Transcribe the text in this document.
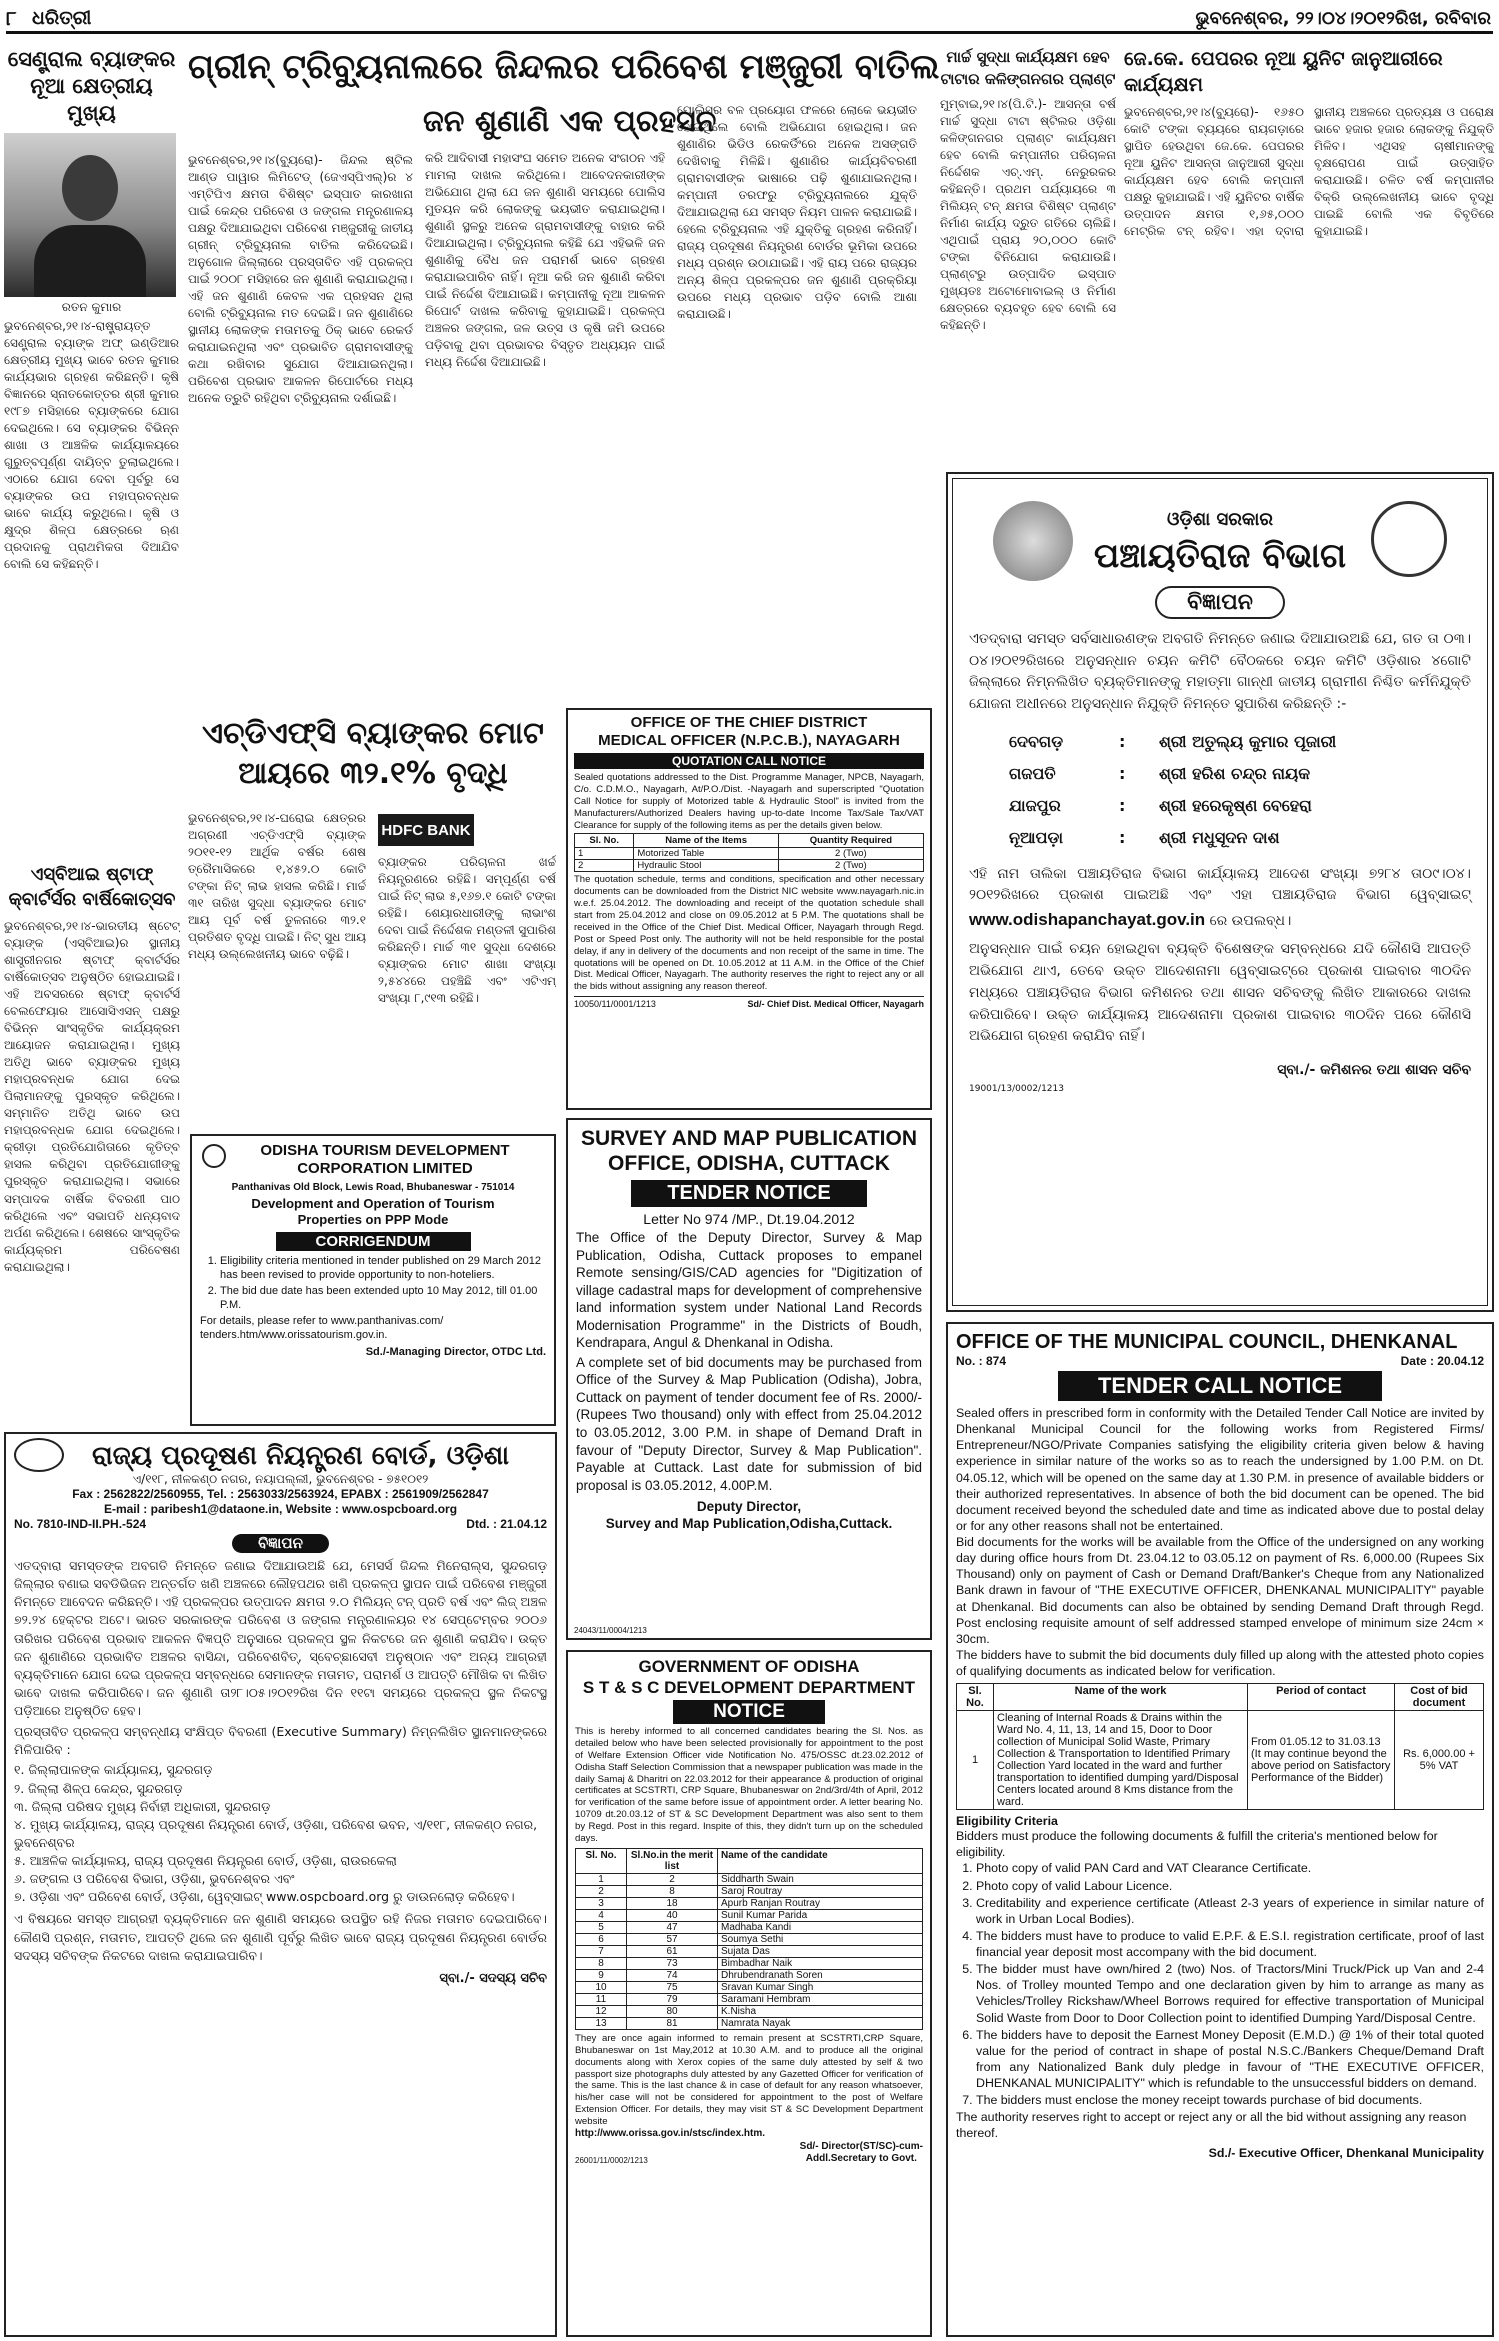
୮ ଧରିତ୍ରୀ	ଭୁବନେଶ୍ବର, ୨୨।୦୪।୨୦୧୨ରିଖ, ରବିବାର
ସେଣ୍ଟ୍ରାଲ ବ୍ୟାଙ୍କର
ନୂଆ କ୍ଷେତ୍ରୀୟ ମୁଖ୍ୟ
ରତନ କୁମାର
ଭୁବନେଶ୍ବର,୨୧।୪-ରାଷ୍ଟ୍ରାୟତ୍ତ ସେଣ୍ଟ୍ରାଲ ବ୍ୟାଙ୍କ ଅଫ୍ ଇଣ୍ଡିଆର କ୍ଷେତ୍ରୀୟ ମୁଖ୍ୟ ଭାବେ ରତନ କୁମାର କାର୍ଯ୍ୟଭାର ଗ୍ରହଣ କରିଛନ୍ତି। କୃଷି ବିଜ୍ଞାନରେ ସ୍ନାତକୋତ୍ତର ଶ୍ରୀ କୁମାର ୧୯୮୭ ମସିହାରେ ବ୍ୟାଙ୍କରେ ଯୋଗ ଦେଇଥିଲେ। ସେ ବ୍ୟାଙ୍କର ବିଭିନ୍ନ ଶାଖା ଓ ଆଞ୍ଚଳିକ କାର୍ଯ୍ୟାଳୟରେ ଗୁରୁତ୍ବପୂର୍ଣ୍ଣ ଦାୟିତ୍ବ ତୁଲାଇଥିଲେ। ଏଠାରେ ଯୋଗ ଦେବା ପୂର୍ବରୁ ସେ ବ୍ୟାଙ୍କର ଉପ ମହାପ୍ରବନ୍ଧକ ଭାବେ କାର୍ଯ୍ୟ କରୁଥିଲେ। କୃଷି ଓ କ୍ଷୁଦ୍ର ଶିଳ୍ପ କ୍ଷେତ୍ରରେ ଋଣ ପ୍ରଦାନକୁ ପ୍ରାଥମିକତା ଦିଆଯିବ ବୋଲି ସେ କହିଛନ୍ତି।
ଗ୍ରୀନ୍ ଟ୍ରିବ୍ୟୁନାଲରେ ଜିନ୍ଦଲର ପରିବେଶ ମଞ୍ଜୁରୀ ବାତିଲ
ଭୁବନେଶ୍ବର,୨୧।୪(ବ୍ୟୁରୋ)- ଜିନ୍ଦଲ ଷ୍ଟିଲ ଆଣ୍ଡ ପାୱାର ଲିମିଟେଡ୍ (ଜେଏସ୍‌ପିଏଲ୍)ର ୪ ଏମ୍‌ଟିପିଏ କ୍ଷମତା ବିଶିଷ୍ଟ ଇସ୍ପାତ କାରଖାନା ପାଇଁ କେନ୍ଦ୍ର ପରିବେଶ ଓ ଜଙ୍ଗଲ ମନ୍ତ୍ରଣାଳୟ ପକ୍ଷରୁ ଦିଆଯାଇଥିବା ପରିବେଶ ମଞ୍ଜୁରୀକୁ ଜାତୀୟ ଗ୍ରୀନ୍ ଟ୍ରିବ୍ୟୁନାଲ ବାତିଲ କରିଦେଇଛି। ଅନୁଗୋଳ ଜିଲ୍ଲାରେ ପ୍ରସ୍ତାବିତ ଏହି ପ୍ରକଳ୍ପ ପାଇଁ ୨୦୦୮ ମସିହାରେ ଜନ ଶୁଣାଣି କରାଯାଇଥିଲା। ଏହି ଜନ ଶୁଣାଣି କେବଳ ଏକ ପ୍ରହସନ ଥିଲା ବୋଲି ଟ୍ରିବ୍ୟୁନାଲ ମତ ଦେଇଛି। ଜନ ଶୁଣାଣିରେ ସ୍ଥାନୀୟ ଲୋକଙ୍କ ମତାମତକୁ ଠିକ୍ ଭାବେ ରେକର୍ଡ କରାଯାଇନଥିଲା ଏବଂ ପ୍ରଭାବିତ ଗ୍ରାମବାସୀଙ୍କୁ କଥା ରଖିବାର ସୁଯୋଗ ଦିଆଯାଇନଥିଲା। ପରିବେଶ ପ୍ରଭାବ ଆକଳନ ରିପୋର୍ଟରେ ମଧ୍ୟ ଅନେକ ତ୍ରୁଟି ରହିଥିବା ଟ୍ରିବ୍ୟୁନାଲ ଦର୍ଶାଇଛି।
ଜନ ଶୁଣାଣି ଏକ ପ୍ରହସନ
କରି ଆଦିବାସୀ ମହାସଂଘ ସମେତ ଅନେକ ସଂଗଠନ ଏହି ମାମଲା ଦାଖଲ କରିଥିଲେ। ଆବେଦନକାରୀଙ୍କ ଅଭିଯୋଗ ଥିଲା ଯେ ଜନ ଶୁଣାଣି ସମୟରେ ପୋଲିସ ମୁତୟନ କରି ଲୋକଙ୍କୁ ଭୟଭୀତ କରାଯାଇଥିଲା। ଶୁଣାଣି ସ୍ଥଳରୁ ଅନେକ ଗ୍ରାମବାସୀଙ୍କୁ ବାହାର କରି ଦିଆଯାଇଥିଲା। ଟ୍ରିବ୍ୟୁନାଲ କହିଛି ଯେ ଏହିଭଳି ଜନ ଶୁଣାଣିକୁ ବୈଧ ଜନ ପରାମର୍ଶ ଭାବେ ଗ୍ରହଣ କରାଯାଇପାରିବ ନାହିଁ। ନୂଆ କରି ଜନ ଶୁଣାଣି କରିବା ପାଇଁ ନିର୍ଦ୍ଦେଶ ଦିଆଯାଇଛି। କମ୍ପାନୀକୁ ନୂଆ ଆକଳନ ରିପୋର୍ଟ ଦାଖଲ କରିବାକୁ କୁହାଯାଇଛି। ପ୍ରକଳ୍ପ ଅଞ୍ଚଳର ଜଙ୍ଗଲ, ଜଳ ଉତ୍ସ ଓ କୃଷି ଜମି ଉପରେ ପଡ଼ିବାକୁ ଥିବା ପ୍ରଭାବର ବିସ୍ତୃତ ଅଧ୍ୟୟନ ପାଇଁ ମଧ୍ୟ ନିର୍ଦ୍ଦେଶ ଦିଆଯାଇଛି।
ପୋଲିସର ବଳ ପ୍ରୟୋଗ ଫଳରେ ଲୋକେ ଭୟଭୀତ ହୋଇଥିଲେ ବୋଲି ଅଭିଯୋଗ ହୋଇଥିଲା। ଜନ ଶୁଣାଣିର ଭିଡିଓ ରେକର୍ଡିଂରେ ଅନେକ ଅସଙ୍ଗତି ଦେଖିବାକୁ ମିଳିଛି। ଶୁଣାଣିର କାର୍ଯ୍ୟବିବରଣୀ ଗ୍ରାମବାସୀଙ୍କ ଭାଷାରେ ପଢ଼ି ଶୁଣାଯାଇନଥିଲା। କମ୍ପାନୀ ତରଫରୁ ଟ୍ରିବ୍ୟୁନାଲରେ ଯୁକ୍ତି ଦିଆଯାଇଥିଲା ଯେ ସମସ୍ତ ନିୟମ ପାଳନ କରାଯାଇଛି। ହେଲେ ଟ୍ରିବ୍ୟୁନାଲ ଏହି ଯୁକ୍ତିକୁ ଗ୍ରହଣ କରିନାହିଁ। ରାଜ୍ୟ ପ୍ରଦୂଷଣ ନିୟନ୍ତ୍ରଣ ବୋର୍ଡର ଭୂମିକା ଉପରେ ମଧ୍ୟ ପ୍ରଶ୍ନ ଉଠାଯାଇଛି। ଏହି ରାୟ ପରେ ରାଜ୍ୟର ଅନ୍ୟ ଶିଳ୍ପ ପ୍ରକଳ୍ପର ଜନ ଶୁଣାଣି ପ୍ରକ୍ରିୟା ଉପରେ ମଧ୍ୟ ପ୍ରଭାବ ପଡ଼ିବ ବୋଲି ଆଶା କରାଯାଉଛି।
ମାର୍ଚ୍ଚ ସୁଦ୍ଧା କାର୍ଯ୍ୟକ୍ଷମ ହେବ
ଟାଟାର କଳିଙ୍ଗନଗର ପ୍ଲାଣ୍ଟ
ମୁମ୍ବାଇ,୨୧।୪(ପି.ଟି.)- ଆସନ୍ତା ବର୍ଷ ମାର୍ଚ୍ଚ ସୁଦ୍ଧା ଟାଟା ଷ୍ଟିଲର ଓଡ଼ିଶା କଳିଙ୍ଗନଗର ପ୍ଲାଣ୍ଟ କାର୍ଯ୍ୟକ୍ଷମ ହେବ ବୋଲି କମ୍ପାନୀର ପରିଚାଳନା ନିର୍ଦ୍ଦେଶକ ଏଚ୍.ଏମ୍. ନେରୁରକର କହିଛନ୍ତି। ପ୍ରଥମ ପର୍ଯ୍ୟାୟରେ ୩ ମିଲିୟନ୍ ଟନ୍ କ୍ଷମତା ବିଶିଷ୍ଟ ପ୍ଲାଣ୍ଟ ନିର୍ମାଣ କାର୍ଯ୍ୟ ଦ୍ରୁତ ଗତିରେ ଚାଲିଛି। ଏଥିପାଇଁ ପ୍ରାୟ ୨୦,୦୦୦ କୋଟି ଟଙ୍କା ବିନିଯୋଗ କରାଯାଉଛି। ପ୍ଲାଣ୍ଟରୁ ଉତ୍ପାଦିତ ଇସ୍ପାତ ମୁଖ୍ୟତଃ ଅଟୋମୋବାଇଲ୍ ଓ ନିର୍ମାଣ କ୍ଷେତ୍ରରେ ବ୍ୟବହୃତ ହେବ ବୋଲି ସେ କହିଛନ୍ତି।
ଜେ.କେ. ପେପରର ନୂଆ ୟୁନିଟ ଜାନୁଆରୀରେ କାର୍ଯ୍ୟକ୍ଷମ
ଭୁବନେଶ୍ବର,୨୧।୪(ବ୍ୟୁରୋ)- ୧୬୫୦ କୋଟି ଟଙ୍କା ବ୍ୟୟରେ ରାୟଗଡ଼ାରେ ସ୍ଥାପିତ ହେଉଥିବା ଜେ.କେ. ପେପରର ନୂଆ ୟୁନିଟ ଆସନ୍ତା ଜାନୁଆରୀ ସୁଦ୍ଧା କାର୍ଯ୍ୟକ୍ଷମ ହେବ ବୋଲି କମ୍ପାନୀ ପକ୍ଷରୁ କୁହାଯାଇଛି। ଏହି ୟୁନିଟର ବାର୍ଷିକ ଉତ୍ପାଦନ କ୍ଷମତା ୧,୬୫,୦୦୦ ମେଟ୍ରିକ ଟନ୍ ରହିବ। ଏହା ଦ୍ବାରା ସ୍ଥାନୀୟ ଅଞ୍ଚଳରେ ପ୍ରତ୍ୟକ୍ଷ ଓ ପରୋକ୍ଷ ଭାବେ ହଜାର ହଜାର ଲୋକଙ୍କୁ ନିଯୁକ୍ତି ମିଳିବ। ଏଥିସହ ଚାଷୀମାନଙ୍କୁ ବୃକ୍ଷରୋପଣ ପାଇଁ ଉତ୍ସାହିତ କରାଯାଉଛି। ଚଳିତ ବର୍ଷ କମ୍ପାନୀର ବିକ୍ରି ଉଲ୍ଲେଖନୀୟ ଭାବେ ବୃଦ୍ଧି ପାଇଛି ବୋଲି ଏକ ବିବୃତିରେ କୁହାଯାଇଛି।
ଓଡ଼ିଶା ସରକାର
ପଞ୍ଚାୟତିରାଜ ବିଭାଗ
ବିଜ୍ଞାପନ
ଏତଦ୍ବାରା ସମସ୍ତ ସର୍ବସାଧାରଣଙ୍କ ଅବଗତି ନିମନ୍ତେ ଜଣାଇ ଦିଆଯାଉଅଛି ଯେ, ଗତ ତା ୦୩।୦୪।୨୦୧୨ରିଖରେ ଅନୁସନ୍ଧାନ ଚୟନ କମିଟି ବୈଠକରେ ଚୟନ କମିଟି ଓଡ଼ିଶାର ୪ଗୋଟି ଜିଲ୍ଲାରେ ନିମ୍ନଲିଖିତ ବ୍ୟକ୍ତିମାନଙ୍କୁ ମହାତ୍ମା ଗାନ୍ଧୀ ଜାତୀୟ ଗ୍ରାମୀଣ ନିଶ୍ଚିତ କର୍ମନିଯୁକ୍ତି ଯୋଜନା ଅଧୀନରେ ଅନୁସନ୍ଧାନ ନିଯୁକ୍ତି ନିମନ୍ତେ ସୁପାରିଶ କରିଛନ୍ତି :-
ଦେବଗଡ଼	: ଶ୍ରୀ ଅତୁଲ୍ୟ କୁମାର ପୂଜାରୀ
ଗଜପତି	: ଶ୍ରୀ ହରିଶ ଚନ୍ଦ୍ର ନାୟକ
ଯାଜପୁର	: ଶ୍ରୀ ହରେକୃଷ୍ଣ ବେହେରା
ନୂଆପଡ଼ା	: ଶ୍ରୀ ମଧୁସୂଦନ ଦାଶ
ଏହି ନାମ ତାଲିକା ପଞ୍ଚାୟତିରାଜ ବିଭାଗ କାର୍ଯ୍ୟାଳୟ ଆଦେଶ ସଂଖ୍ୟା ୭୨୮୪ ତା୦୯।୦୪।୨୦୧୨ରିଖରେ ପ୍ରକାଶ ପାଇଅଛି ଏବଂ ଏହା ପଞ୍ଚାୟତିରାଜ ବିଭାଗ ୱେବ୍‌ସାଇଟ୍ www.odishapanchayat.gov.in ରେ ଉପଲବ୍ଧ।
ଅନୁସନ୍ଧାନ ପାଇଁ ଚୟନ ହୋଇଥିବା ବ୍ୟକ୍ତି ବିଶେଷଙ୍କ ସମ୍ବନ୍ଧରେ ଯଦି କୌଣସି ଆପତ୍ତି ଅଭିଯୋଗ ଥାଏ, ତେବେ ଉକ୍ତ ଆଦେଶନାମା ୱେବ୍‌ସାଇଟ୍‌ରେ ପ୍ରକାଶ ପାଇବାର ୩୦ଦିନ ମଧ୍ୟରେ ପଞ୍ଚାୟତିରାଜ ବିଭାଗ କମିଶନର ତଥା ଶାସନ ସଚିବଙ୍କୁ ଲିଖିତ ଆକାରରେ ଦାଖଲ କରିପାରିବେ। ଉକ୍ତ କାର୍ଯ୍ୟାଳୟ ଆଦେଶନାମା ପ୍ରକାଶ ପାଇବାର ୩୦ଦିନ ପରେ କୌଣସି ଅଭିଯୋଗ ଗ୍ରହଣ କରାଯିବ ନାହିଁ।
ସ୍ବା./- କମିଶନର ତଥା ଶାସନ ସଚିବ
19001/13/0002/1213
ଏଚ୍‌ଡିଏଫ୍‌ସି ବ୍ୟାଙ୍କର ମୋଟ
ଆୟରେ ୩୨.୧% ବୃଦ୍ଧି
ଭୁବନେଶ୍ବର,୨୧।୪-ଘରୋଇ କ୍ଷେତ୍ରର ଅଗ୍ରଣୀ ଏଚ୍‌ଡିଏଫ୍‌ସି ବ୍ୟାଙ୍କ ୨୦୧୧-୧୨ ଆର୍ଥିକ ବର୍ଷର ଶେଷ ତ୍ରୈମାସିକରେ ୧,୪୫୨.୦ କୋଟି ଟଙ୍କା ନିଟ୍ ଲାଭ ହାସଲ କରିଛି। ମାର୍ଚ୍ଚ ୩୧ ତାରିଖ ସୁଦ୍ଧା ବ୍ୟାଙ୍କର ମୋଟ ଆୟ ପୂର୍ବ ବର୍ଷ ତୁଳନାରେ ୩୨.୧ ପ୍ରତିଶତ ବୃଦ୍ଧି ପାଇଛି। ନିଟ୍ ସୁଧ ଆୟ ମଧ୍ୟ ଉଲ୍ଲେଖନୀୟ ଭାବେ ବଢ଼ିଛି।
HDFC BANK
ବ୍ୟାଙ୍କର ପରିଚାଳନା ଖର୍ଚ୍ଚ ନିୟନ୍ତ୍ରଣରେ ରହିଛି। ସମ୍ପୂର୍ଣ୍ଣ ବର୍ଷ ପାଇଁ ନିଟ୍ ଲାଭ ୫,୧୬୭.୧ କୋଟି ଟଙ୍କା ରହିଛି। ଶେୟାରଧାରୀଙ୍କୁ ଲାଭାଂଶ ଦେବା ପାଇଁ ନିର୍ଦ୍ଦେଶକ ମଣ୍ଡଳୀ ସୁପାରିଶ କରିଛନ୍ତି। ମାର୍ଚ୍ଚ ୩୧ ସୁଦ୍ଧା ଦେଶରେ ବ୍ୟାଙ୍କର ମୋଟ ଶାଖା ସଂଖ୍ୟା ୨,୫୪୪ରେ ପହଞ୍ଚିଛି ଏବଂ ଏଟିଏମ୍ ସଂଖ୍ୟା ୮,୯୧୩ ରହିଛି।
ଏସ୍‌ବିଆଇ ଷ୍ଟାଫ୍
କ୍ବାର୍ଟର୍ସର ବାର୍ଷିକୋତ୍ସବ
ଭୁବନେଶ୍ବର,୨୧।୪-ଭାରତୀୟ ଷ୍ଟେଟ୍ ବ୍ୟାଙ୍କ (ଏସ୍‌ବିଆଇ)ର ସ୍ଥାନୀୟ ଶାସ୍ତ୍ରୀନଗର ଷ୍ଟାଫ୍ କ୍ବାର୍ଟର୍ସର ବାର୍ଷିକୋତ୍ସବ ଅନୁଷ୍ଠିତ ହୋଇଯାଇଛି। ଏହି ଅବସରରେ ଷ୍ଟାଫ୍ କ୍ବାର୍ଟର୍ସ ବେଲଫେୟାର ଆସୋସିଏସନ୍ ପକ୍ଷରୁ ବିଭିନ୍ନ ସାଂସ୍କୃତିକ କାର୍ଯ୍ୟକ୍ରମ ଆୟୋଜନ କରାଯାଇଥିଲା। ମୁଖ୍ୟ ଅତିଥି ଭାବେ ବ୍ୟାଙ୍କର ମୁଖ୍ୟ ମହାପ୍ରବନ୍ଧକ ଯୋଗ ଦେଇ ପିଲାମାନଙ୍କୁ ପୁରସ୍କୃତ କରିଥିଲେ। ସମ୍ମାନିତ ଅତିଥି ଭାବେ ଉପ ମହାପ୍ରବନ୍ଧକ ଯୋଗ ଦେଇଥିଲେ। କ୍ରୀଡ଼ା ପ୍ରତିଯୋଗିତାରେ କୃତିତ୍ବ ହାସଲ କରିଥିବା ପ୍ରତିଯୋଗୀଙ୍କୁ ପୁରସ୍କୃତ କରାଯାଇଥିଲା। ସଭାରେ ସମ୍ପାଦକ ବାର୍ଷିକ ବିବରଣୀ ପାଠ କରିଥିଲେ ଏବଂ ସଭାପତି ଧନ୍ୟବାଦ ଅର୍ପଣ କରିଥିଲେ। ଶେଷରେ ସାଂସ୍କୃତିକ କାର୍ଯ୍ୟକ୍ରମ ପରିବେଷଣ କରାଯାଇଥିଲା।
ODISHA TOURISM DEVELOPMENT
CORPORATION LIMITED
Panthanivas Old Block, Lewis Road, Bhubaneswar - 751014
Development and Operation of Tourism
Properties on PPP Mode
CORRIGENDUM
1. Eligibility criteria mentioned in tender published on 29 March 2012 has been revised to provide opportunity to non-hoteliers.
2. The bid due date has been extended upto 10 May 2012, till 01.00 P.M.
For details, please refer to www.panthanivas.com/ tenders.htm/www.orissatourism.gov.in.
Sd./-Managing Director, OTDC Ltd.
OFFICE OF THE CHIEF DISTRICT
MEDICAL OFFICER (N.P.C.B.), NAYAGARH
QUOTATION CALL NOTICE
Sealed quotations addressed to the Dist. Programme Manager, NPCB, Nayagarh, C/o. C.D.M.O., Nayagarh, At/P.O./Dist. -Nayagarh and superscripted "Quotation Call Notice for supply of Motorized table & Hydraulic Stool" is invited from the Manufacturers/Authorized Dealers having up-to-date Income Tax/Sale Tax/VAT Clearance for supply of the following items as per the details given below.
Sl. No.	Name of the Items	Quantity Required
1	Motorized Table	2 (Two)
2	Hydraulic Stool	2 (Two)
The quotation schedule, terms and conditions, specification and other necessary documents can be downloaded from the District NIC website www.nayagarh.nic.in w.e.f. 25.04.2012. The downloading and receipt of the quotation schedule shall start from 25.04.2012 and close on 09.05.2012 at 5 P.M. The quotations shall be received in the Office of the Chief Dist. Medical Officer, Nayagarh through Regd. Post or Speed Post only. The authority will not be held responsible for the postal delay, if any in delivery of the documents and non receipt of the same in time. The quotations will be opened on Dt. 10.05.2012 at 11 A.M. in the Office of the Chief Dist. Medical Officer, Nayagarh. The authority reserves the right to reject any or all the bids without assigning any reason thereof.
10050/11/0001/1213	Sd/- Chief Dist. Medical Officer, Nayagarh
SURVEY AND MAP PUBLICATION
OFFICE, ODISHA, CUTTACK
TENDER NOTICE
Letter No 974 /MP., Dt.19.04.2012
The Office of the Deputy Director, Survey & Map Publication, Odisha, Cuttack proposes to empanel Remote sensing/GIS/CAD agencies for "Digitization of village cadastral maps for development of comprehensive land information system under National Land Records Modernisation Programme" in the Districts of Boudh, Kendrapara, Angul & Dhenkanal in Odisha.
A complete set of bid documents may be purchased from Office of the Survey & Map Publication (Odisha), Jobra, Cuttack on payment of tender document fee of Rs. 2000/- (Rupees Two thousand) only with effect from 25.04.2012 to 03.05.2012, 3.00 P.M. in shape of Demand Draft in favour of "Deputy Director, Survey & Map Publication". Payable at Cuttack. Last date for submission of bid proposal is 03.05.2012, 4.00P.M.
Deputy Director,
Survey and Map Publication,Odisha,Cuttack.
24043/11/0004/1213
ରାଜ୍ୟ ପ୍ରଦୂଷଣ ନିୟନ୍ତ୍ରଣ ବୋର୍ଡ, ଓଡ଼ିଶା
ଏ/୧୧୮, ନୀଳକଣ୍ଠ ନଗର, ନୟାପଲ୍ଲୀ, ଭୁବନେଶ୍ବର - ୭୫୧୦୧୨
Fax : 2562822/2560955, Tel. : 2563033/2563924, EPABX : 2561909/2562847
E-mail : paribesh1@dataone.in, Website : www.ospcboard.org
No. 7810-IND-II.PH.-524	Dtd. : 21.04.12
ବିଜ୍ଞାପନ
ଏତଦ୍ବାରା ସମସ୍ତଙ୍କ ଅବଗତି ନିମନ୍ତେ ଜଣାଇ ଦିଆଯାଉଅଛି ଯେ, ମେସର୍ସ ଜିନ୍ଦଲ ମିନେରାଲ୍ସ, ସୁନ୍ଦରଗଡ଼ ଜିଲ୍ଲାର ବଣାଇ ସବଡିଭିଜନ ଅନ୍ତର୍ଗତ ଖଣି ଅଞ୍ଚଳରେ ଲୌହପଥର ଖଣି ପ୍ରକଳ୍ପ ସ୍ଥାପନ ପାଇଁ ପରିବେଶ ମଞ୍ଜୁରୀ ନିମନ୍ତେ ଆବେଦନ କରିଛନ୍ତି। ଏହି ପ୍ରକଳ୍ପର ଉତ୍ପାଦନ କ୍ଷମତା ୨.୦ ମିଲିୟନ୍ ଟନ୍ ପ୍ରତି ବର୍ଷ ଏବଂ ଲିଜ୍ ଅଞ୍ଚଳ ୭୨.୨୪ ହେକ୍ଟର ଅଟେ। ଭାରତ ସରକାରଙ୍କ ପରିବେଶ ଓ ଜଙ୍ଗଲ ମନ୍ତ୍ରଣାଳୟର ୧୪ ସେପ୍ଟେମ୍ବର ୨୦୦୬ ତାରିଖର ପରିବେଶ ପ୍ରଭାବ ଆକଳନ ବିଜ୍ଞପ୍ତି ଅନୁସାରେ ପ୍ରକଳ୍ପ ସ୍ଥଳ ନିକଟରେ ଜନ ଶୁଣାଣି କରାଯିବ। ଉକ୍ତ ଜନ ଶୁଣାଣିରେ ପ୍ରଭାବିତ ଅଞ୍ଚଳର ବାସିନ୍ଦା, ପରିବେଶବିତ୍, ସ୍ବେଚ୍ଛାସେବୀ ଅନୁଷ୍ଠାନ ଏବଂ ଅନ୍ୟ ଆଗ୍ରହୀ ବ୍ୟକ୍ତିମାନେ ଯୋଗ ଦେଇ ପ୍ରକଳ୍ପ ସମ୍ବନ୍ଧରେ ସେମାନଙ୍କ ମତାମତ, ପରାମର୍ଶ ଓ ଆପତ୍ତି ମୌଖିକ ବା ଲିଖିତ ଭାବେ ଦାଖଲ କରିପାରିବେ। ଜନ ଶୁଣାଣି ତା୨୮।୦୫।୨୦୧୨ରିଖ ଦିନ ୧୧ଟା ସମୟରେ ପ୍ରକଳ୍ପ ସ୍ଥଳ ନିକଟସ୍ଥ ପଡ଼ିଆରେ ଅନୁଷ୍ଠିତ ହେବ।
ପ୍ରସ୍ତାବିତ ପ୍ରକଳ୍ପ ସମ୍ବନ୍ଧୀୟ ସଂକ୍ଷିପ୍ତ ବିବରଣୀ (Executive Summary) ନିମ୍ନଲିଖିତ ସ୍ଥାନମାନଙ୍କରେ ମିଳିପାରିବ :
୧. ଜିଲ୍ଲାପାଳଙ୍କ କାର୍ଯ୍ୟାଳୟ, ସୁନ୍ଦରଗଡ଼
୨. ଜିଲ୍ଲା ଶିଳ୍ପ କେନ୍ଦ୍ର, ସୁନ୍ଦରଗଡ଼
୩. ଜିଲ୍ଲା ପରିଷଦ ମୁଖ୍ୟ ନିର୍ବାହୀ ଅଧିକାରୀ, ସୁନ୍ଦରଗଡ଼
୪. ମୁଖ୍ୟ କାର୍ଯ୍ୟାଳୟ, ରାଜ୍ୟ ପ୍ରଦୂଷଣ ନିୟନ୍ତ୍ରଣ ବୋର୍ଡ, ଓଡ଼ିଶା, ପରିବେଶ ଭବନ, ଏ/୧୧୮, ନୀଳକଣ୍ଠ ନଗର, ଭୁବନେଶ୍ବର
୫. ଆଞ୍ଚଳିକ କାର୍ଯ୍ୟାଳୟ, ରାଜ୍ୟ ପ୍ରଦୂଷଣ ନିୟନ୍ତ୍ରଣ ବୋର୍ଡ, ଓଡ଼ିଶା, ରାଉରକେଲା
୬. ଜଙ୍ଗଲ ଓ ପରିବେଶ ବିଭାଗ, ଓଡ଼ିଶା, ଭୁବନେଶ୍ବର ଏବଂ
୭. ଓଡ଼ିଶା ଏବଂ ପରିବେଶ ବୋର୍ଡ, ଓଡ଼ିଶା, ୱେବ୍‌ସାଇଟ୍ www.ospcboard.org ରୁ ଡାଉନଲୋଡ଼ କରିହେବ।
ଏ ବିଷୟରେ ସମସ୍ତ ଆଗ୍ରହୀ ବ୍ୟକ୍ତିମାନେ ଜନ ଶୁଣାଣି ସମୟରେ ଉପସ୍ଥିତ ରହି ନିଜର ମତାମତ ଦେଇପାରିବେ। କୌଣସି ପ୍ରଶ୍ନ, ମତାମତ, ଆପତ୍ତି ଥିଲେ ଜନ ଶୁଣାଣି ପୂର୍ବରୁ ଲିଖିତ ଭାବେ ରାଜ୍ୟ ପ୍ରଦୂଷଣ ନିୟନ୍ତ୍ରଣ ବୋର୍ଡର ସଦସ୍ୟ ସଚିବଙ୍କ ନିକଟରେ ଦାଖଲ କରାଯାଇପାରିବ।
ସ୍ବା./- ସଦସ୍ୟ ସଚିବ
GOVERNMENT OF ODISHA
S T & S C DEVELOPMENT DEPARTMENT
NOTICE
This is hereby informed to all concerned candidates bearing the Sl. Nos. as detailed below who have been selected provisionally for appointment to the post of Welfare Extension Officer vide Notification No. 475/OSSC dt.23.02.2012 of Odisha Staff Selection Commission that a newspaper publication was made in the daily Samaj & Dharitri on 22.03.2012 for their appearance & production of original certificates at SCSTRTI, CRP Square, Bhubaneswar on 2nd/3rd/4th of April, 2012 for verification of the same before issue of appointment order. A letter bearing No. 10709 dt.20.03.12 of ST & SC Development Department was also sent to them by Regd. Post in this regard. Inspite of this, they didn't turn up on the scheduled days.
Sl. No.	Sl.No.in the merit list	Name of the candidate
1	2	Siddharth Swain
2	8	Saroj Routray
3	18	Apurb Ranjan Routray
4	40	Sunil Kumar Parida
5	47	Madhaba Kandi
6	57	Soumya Sethi
7	61	Sujata Das
8	73	Bimbadhar Naik
9	74	Dhrubendranath Soren
10	75	Sravan Kumar Singh
11	79	Saramani Hembram
12	80	K.Nisha
13	81	Namrata Nayak
They are once again informed to remain present at SCSTRTI,CRP Square, Bhubaneswar on 1st May,2012 at 10.30 A.M. and to produce all the original documents along with Xerox copies of the same duly attested by self & two passport size photographs duly attested by any Gazetted Officer for verification of the same. This is the last chance & in case of default for any reason whatsoever, his/her case will not be considered for appointment to the post of Welfare Extension Officer. For details, they may visit ST & SC Development Department website
http://www.orissa.gov.in/stsc/index.htm.
26001/11/0002/1213
Sd/- Director(ST/SC)-cum-
Addl.Secretary to Govt.
OFFICE OF THE MUNICIPAL COUNCIL, DHENKANAL
No. : 874	Date : 20.04.12
TENDER CALL NOTICE
Sealed offers in prescribed form in conformity with the Detailed Tender Call Notice are invited by Dhenkanal Municipal Council for the following works from Registered Firms/ Entrepreneur/NGO/Private Companies satisfying the eligibility criteria given below & having experience in similar nature of the works so as to reach the undersigned by 1.00 P.M. on Dt. 04.05.12, which will be opened on the same day at 1.30 P.M. in presence of available bidders or their authorized representatives. In absence of both the bid document can be opened. The bid document received beyond the scheduled date and time as indicated above due to postal delay or for any other reasons shall not be entertained.
Bid documents for the works will be available from the Office of the undersigned on any working day during office hours from Dt. 23.04.12 to 03.05.12 on payment of Rs. 6,000.00 (Rupees Six Thousand) only on payment of Cash or Demand Draft/Banker's Cheque from any Nationalized Bank drawn in favour of "THE EXECUTIVE OFFICER, DHENKANAL MUNICIPALITY" payable at Dhenkanal. Bid documents can also be obtained by sending Demand Draft through Regd. Post enclosing requisite amount of self addressed stamped envelope of minimum size 24cm × 30cm.
The bidders have to submit the bid documents duly filled up along with the attested photo copies of qualifying documents as indicated below for verification.
Sl. No.	Name of the work	Period of contact	Cost of bid document
1	Cleaning of Internal Roads & Drains within the Ward No. 4, 11, 13, 14 and 15, Door to Door collection of Municipal Solid Waste, Primary Collection & Transportation to Identified Primary Collection Yard located in the ward and further transportation to identified dumping yard/Disposal Centers located around 8 Kms distance from the ward.	From 01.05.12 to 31.03.13 (It may continue beyond the above period on Satisfactory Performance of the Bidder)	Rs. 6,000.00 + 5% VAT
Eligibility Criteria
Bidders must produce the following documents & fulfill the criteria's mentioned below for eligibility.
1. Photo copy of valid PAN Card and VAT Clearance Certificate.
2. Photo copy of valid Labour Licence.
3. Creditability and experience certificate (Atleast 2-3 years of experience in similar nature of work in Urban Local Bodies).
4. The bidders must have to produce to valid E.P.F. & E.S.I. registration certificate, proof of last financial year deposit most accompany with the bid document.
5. The bidder must have own/hired 2 (two) Nos. of Tractors/Mini Truck/Pick up Van and 2-4 Nos. of Trolley mounted Tempo and one declaration given by him to arrange as many as Vehicles/Trolley Rickshaw/Wheel Borrows required for effective transportation of Municipal Solid Waste from Door to Door Collection point to identified Dumping Yard/Disposal Centre.
6. The bidders have to deposit the Earnest Money Deposit (E.M.D.) @ 1% of their total quoted value for the period of contract in shape of postal N.S.C./Bankers Cheque/Demand Draft from any Nationalized Bank duly pledge in favour of "THE EXECUTIVE OFFICER, DHENKANAL MUNICIPALITY" which is refundable to the unsuccessful bidders on demand.
7. The bidders must enclose the money receipt towards purchase of bid documents.
The authority reserves right to accept or reject any or all the bid without assigning any reason thereof.
Sd./- Executive Officer, Dhenkanal Municipality
